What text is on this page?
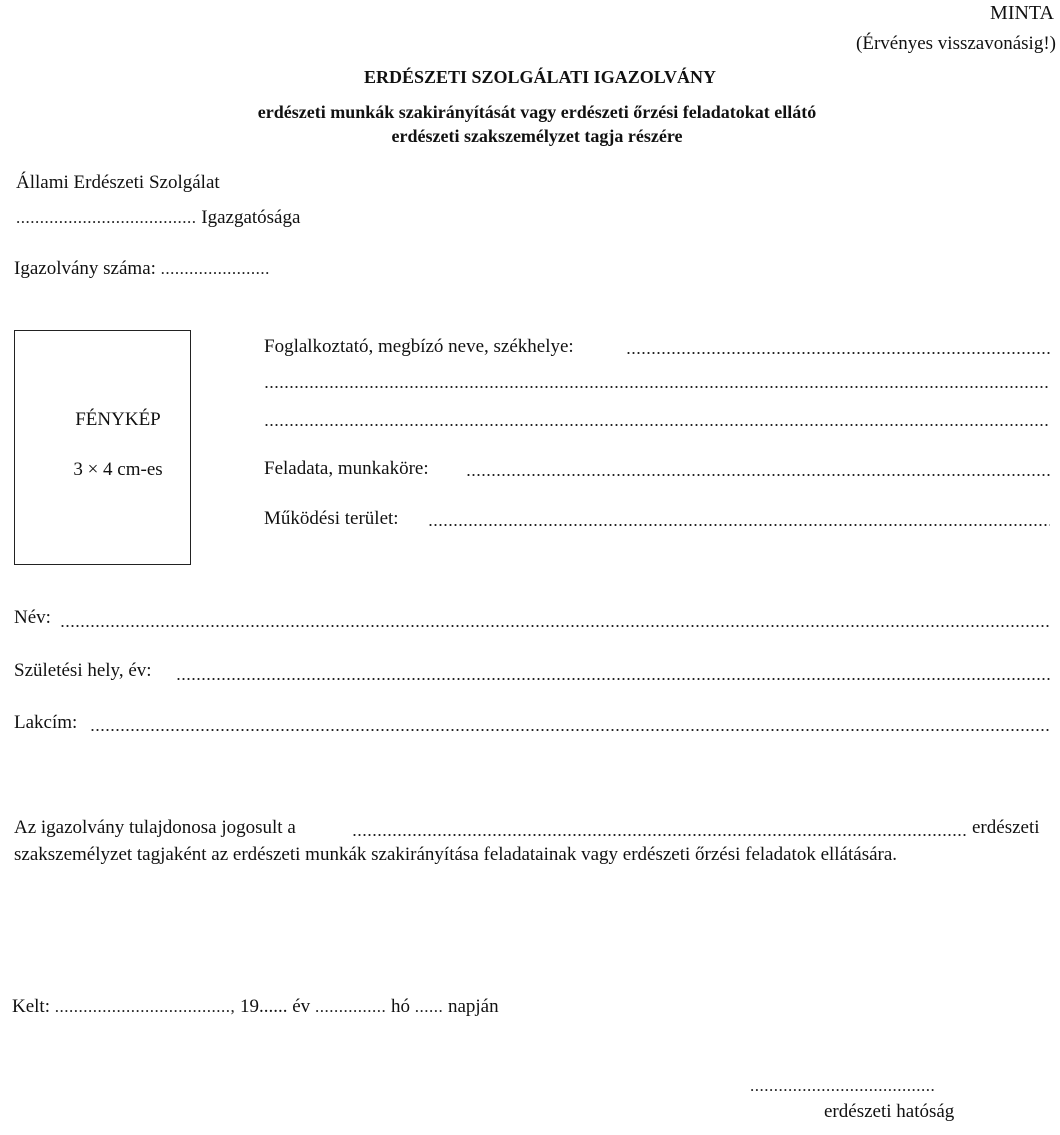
MINTA
(Érvényes visszavonásig!)
ERDÉSZETI SZOLGÁLATI IGAZOLVÁNY
erdészeti munkák szakirányítását vagy erdészeti őrzési feladatokat ellátó
erdészeti szakszemélyzet tagja részére
Állami Erdészeti Szolgálat
...................................... Igazgatósága
Igazolvány száma: .......................
FÉNYKÉP
3 × 4 cm-es
Foglalkoztató, megbízó neve, székhelye:
Feladata, munkaköre:
Működési terület:
Név:
Születési hely, év:
Lakcím:
Az igazolvány tulajdonosa jogosult a	erdészeti
szakszemélyzet tagjaként az erdészeti munkák szakirányítása feladatainak vagy erdészeti őrzési feladatok ellátására.
Kelt: ....................................., 19...... év ............... hó ...... napján
.......................................
erdészeti hatóság
